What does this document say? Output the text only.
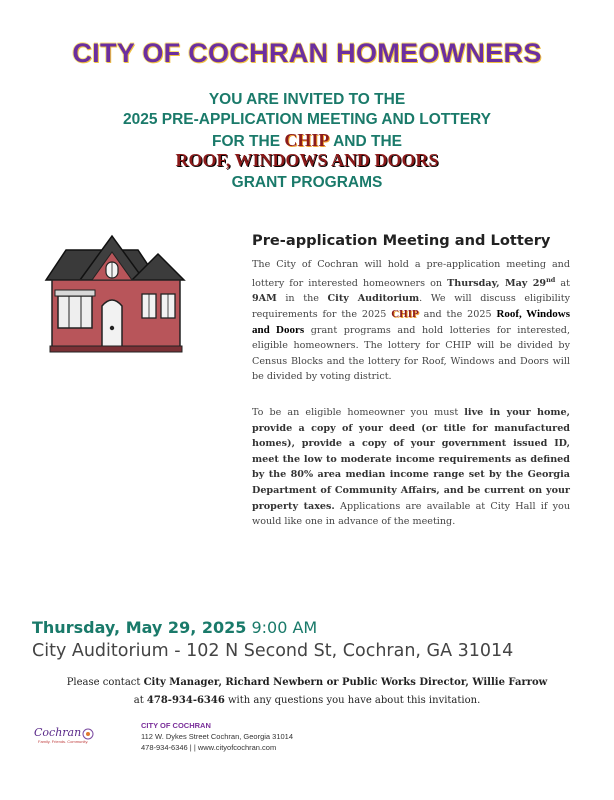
CITY OF COCHRAN HOMEOWNERS
YOU ARE INVITED TO THE
2025 PRE-APPLICATION MEETING AND LOTTERY
FOR THE CHIP AND THE
ROOF, WINDOWS AND DOORS
GRANT PROGRAMS
Pre-application Meeting and Lottery
The City of Cochran will hold a pre-application meeting and lottery for interested homeowners on Thursday, May 29nd at 9AM in the City Auditorium. We will discuss eligibility requirements for the 2025 CHIP and the 2025 Roof, Windows and Doors grant programs and hold lotteries for interested, eligible homeowners. The lottery for CHIP will be divided by Census Blocks and the lottery for Roof, Windows and Doors will be divided by voting district.
To be an eligible homeowner you must live in your home, provide a copy of your deed (or title for manufactured homes), provide a copy of your government issued ID, meet the low to moderate income requirements as defined by the 80% area median income range set by the Georgia Department of Community Affairs, and be current on your property taxes. Applications are available at City Hall if you would like one in advance of the meeting.
Thursday, May 29, 2025 9:00 AM
City Auditorium - 102 N Second St, Cochran, GA 31014
Please contact City Manager, Richard Newbern or Public Works Director, Willie Farrow
at 478-934-6346 with any questions you have about this invitation.
Cochran
Family. Friends. Community.
CITY OF COCHRAN
112 W. Dykes Street Cochran, Georgia 31014
478-934-6346 | | www.cityofcochran.com
